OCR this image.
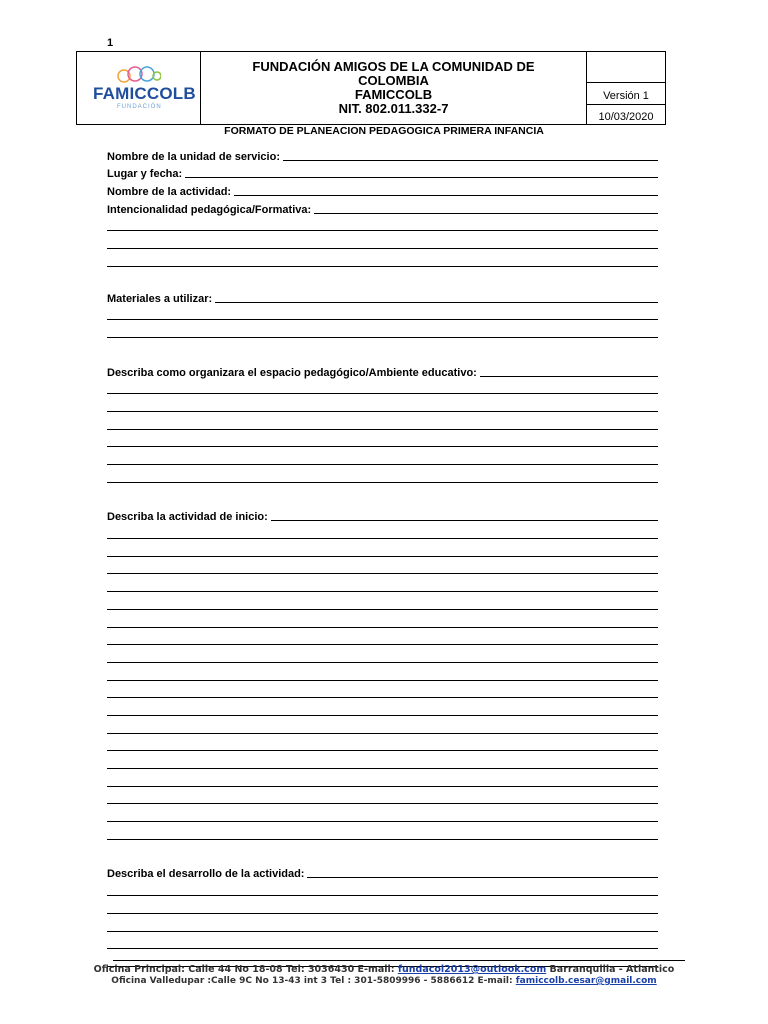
1
FAMICCOLB
FUNDACIÓN
FUNDACIÓN AMIGOS DE LA COMUNIDAD DE
COLOMBIA
FAMICCOLB
NIT. 802.011.332-7
Versión 1
10/03/2020
FORMATO DE PLANEACION PEDAGOGICA PRIMERA INFANCIA
Nombre de la unidad de servicio:
Lugar y fecha:
Nombre de la actividad:
Intencionalidad pedagógica/Formativa:
Materiales a utilizar:
Describa como organizara el espacio pedagógico/Ambiente educativo:
Describa la actividad de inicio:
Describa el desarrollo de la actividad:
Oficina Principal: Calle 44 No 18-08 Tel: 3036430 E-mail: fundacol2013@outlook.com Barranquilla - Atlantico
Oficina Valledupar :Calle 9C No 13-43 int 3 Tel : 301-5809996 - 5886612 E-mail: famiccolb.cesar@gmail.com
